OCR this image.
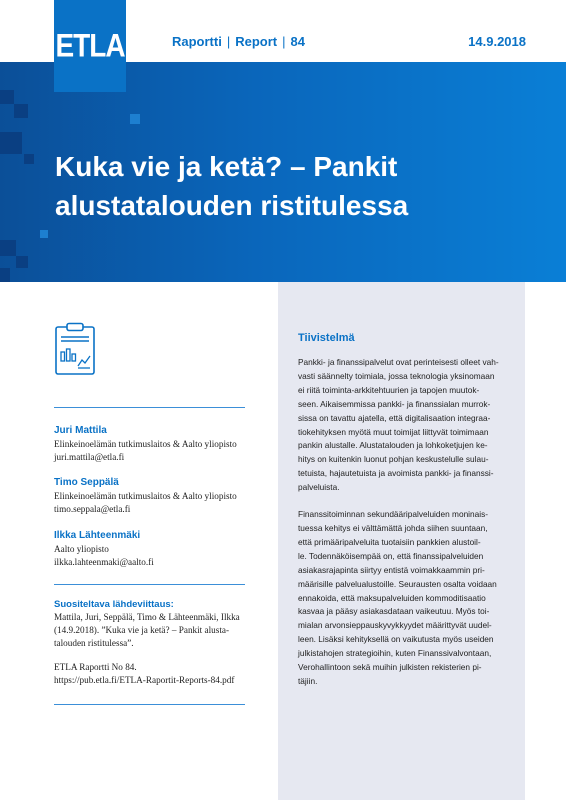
ETLA	Raportti | Report | 84	14.9.2018
Kuka vie ja ketä? – Pankit
alustatalouden ristitulessa
Juri Mattila
Elinkeinoelämän tutkimuslaitos & Aalto yliopisto
juri.mattila@etla.fi
Timo Seppälä
Elinkeinoelämän tutkimuslaitos & Aalto yliopisto
timo.seppala@etla.fi
Ilkka Lähteenmäki
Aalto yliopisto
ilkka.lahteenmaki@aalto.fi

Suositeltava lähdeviittaus:

Mattila, Juri, Seppälä, Timo & Lähteenmäki, Ilkka

(14.9.2018). ”Kuka vie ja ketä? – Pankit alusta-

talouden ristitulessa”.

ETLA Raportti No 84.

https://pub.etla.fi/ETLA-Raportit-Reports-84.pdf

Tiivistelmä

Pankki- ja finanssipalvelut ovat perinteisesti olleet vah-
vasti säännelty toimiala, jossa teknologia yksinomaan
ei riitä toiminta-arkkitehtuurien ja tapojen muutok-
seen. Aikaisemmissa pankki- ja finanssialan murrok-
sissa on tavattu ajatella, että digitalisaation integraa-
tiokehityksen myötä muut toimijat liittyvät toimimaan
pankin alustalle. Alustatalouden ja lohkoketjujen ke-
hitys on kuitenkin luonut pohjan keskustelulle sulau-
tetuista, hajautetuista ja avoimista pankki- ja finanssi-
palveluista.

Finanssitoiminnan sekundääripalveluiden moninais-
tuessa kehitys ei välttämättä johda siihen suuntaan,
että primääripalveluita tuotaisiin pankkien alustoil-
le. Todennäköisempää on, että finanssipalveluiden
asiakasrajapinta siirtyy entistä voimakkaammin pri-
määrisille palvelualustoille. Seurausten osalta voidaan
ennakoida, että maksupalveluiden kommoditisaatio
kasvaa ja pääsy asiakasdataan vaikeutuu. Myös toi-
mialan arvonsieppauskyvykkyydet määrittyvät uudel-
leen. Lisäksi kehityksellä on vaikutusta myös useiden
julkistahojen strategioihin, kuten Finanssivalvontaan,
Verohallintoon sekä muihin julkisten rekisterien pi-
täjiin.
